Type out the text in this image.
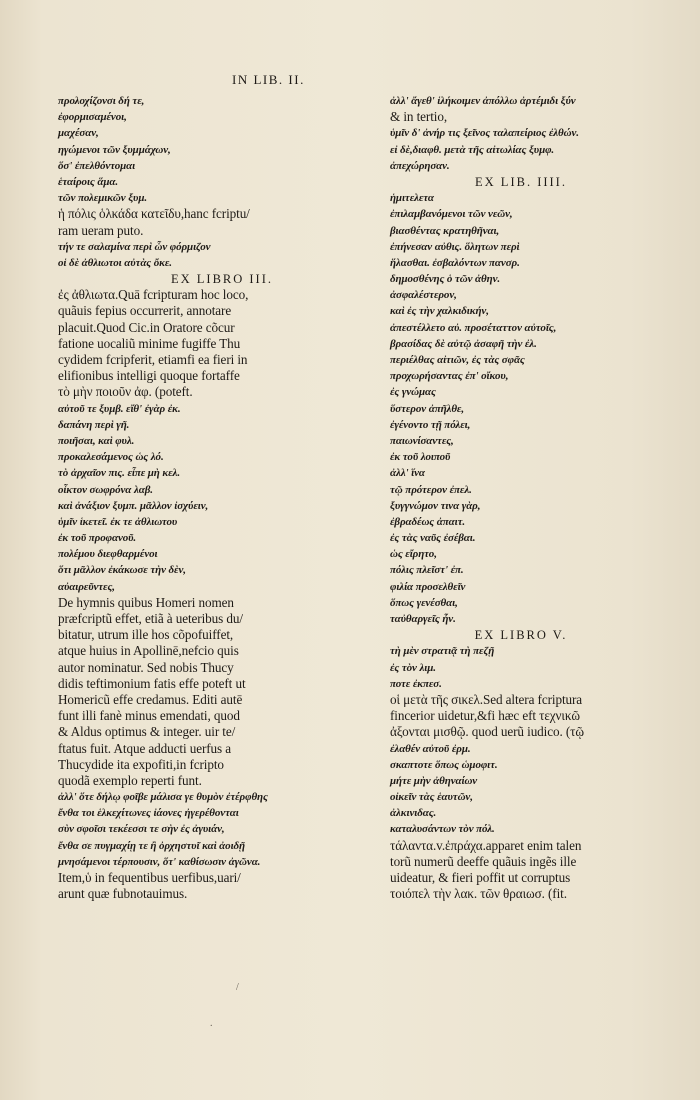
IN LIB. II.
προλοχίζονσι δή τε,
ἐφορμισαμένοι,
μαχέσαν,
ηγώμενοι τῶν ξυμμάχων,
ὅσ' ἐπελθόντομαι
ἑταίροις ἅμα.
τῶν πολεμικῶν ξυμ.
ἡ πόλις ὁλκάδα κατεῖδυ,hanc fcriptu/
ram ueram puto.
τήν τε σαλαμίνα περὶ ὧν φόρμιζον
οἱ δὲ ἀθλιωτοι αὐτὰς ὄκε.
EX LIBRO III.
ἐς ἀθλιωτα.Quā fcripturam hoc loco,
quãuis fepius occurrerit, annotare
placuit.Quod Cic.in Oratore cõcur
fatione uocaliũ minime fugiffe Thu
cydidem fcripferit, etiamfi ea fieri in
elifionibus intelligi quoque fortaffe
τὸ μὴν ποιοῦν ἀφ. (poteft.
αὐτοῦ τε ξυμβ. εἴθ' ἐγὰρ ἐκ.
δαπάνη περὶ γῆ.
ποιῆσαι, καὶ φυλ.
προκαλεσάμενος ὡς λό.
τὸ ἀρχαῖον πις. εἶπε μὴ κελ.
οἶκτον σωφρόνα λαβ.
καὶ ἀνάξιον ξυμπ. μᾶλλον ἰσχύειν,
ὑμῖν ἱκετεῖ. ἐκ τε ἀθλιωτου
ἐκ τοῦ προφανοῦ.
πολέμου διεφθαρμένοι
ὅτι μᾶλλον ἐκάκωσε τὴν δὲν,
αὐαιρεῦντες,
De hymnis quibus Homeri nomen
præfcriptũ effet, etiã à ueteribus du/
bitatur, utrum ille hos cõpofuiffet,
atque huius in Apollinē,nefcio quis
autor nominatur. Sed nobis Thucy
didis teftimonium fatis effe poteft ut
Homericũ effe credamus. Editi autē
funt illi fanè minus emendati, quod
& Aldus optimus & integer. uir te/
ftatus fuit. Atque adducti uerfus a
Thucydide ita expofiti,in fcripto
quodã exemplo reperti funt.
ἀλλ' ὅτε δήλῳ φοῖβε μάλισα γε θυμὸν ἐτέρφθης
ἔνθα τοι ἑλκεχίτωνες ἰάονες ἠγερέθονται
σὺν σφοῖσι τεκέεσσι τε σὴν ἐς ἀγυιάν,
ἔνθα σε πυγμαχίῃ τε ἢ ὀρχηστυῖ καὶ ἀοιδῇ
μνησάμενοι τέρπουσιν, ὅτ' καθίσωσιν ἀγῶνα.
Item,ὑ in fequentibus uerfibus,uari/
arunt quæ fubnotauimus.
ἀλλ' ἄγεθ' ἱλήκοιμεν ἀπόλλω ἀρτέμιδι ξύν
& in tertio,
ὑμῖν δ' ἀνήρ τις ξεῖνος ταλαπείριος ἐλθών.
εἰ δὲ,διαφθ. μετὰ τῆς αἰτωλίας ξυμφ.
ἀπεχώρησαν.
EX LIB. IIII.
ἡμιτελετα
ἐπιλαμβανόμενοι τῶν νεῶν,
βιασθέντας κρατηθῆναι,
ἐπήνεσαν αὐθις. ὅλητων περὶ
ἥλασθαι. ἐσβαλόντων πανσρ.
δημοσθένης ὁ τῶν ἀθην.
ἀσφαλέστερον,
καὶ ἐς τὴν χαλκιδικήν,
ἀπεστέλλετο αὐ. προσέταττον αὐτοῖς,
βρασίδας δὲ αὐτῷ ἀσαφῆ τὴν ἐλ.
περιέλθας αἰτιῶν, ἐς τὰς σφᾶς
προχωρήσαντας ἐπ' οἴκου,
ἐς γνώμας
ὕστερον ἀπῆλθε,
ἐγένοντο τῇ πόλει,
παιωνίσαντες,
ἐκ τοῦ λοιποῦ
ἀλλ' ἵνα
τῷ πρότερον ἐπελ.
ξυγγνώμον τινα γὰρ,
ἐβραδέως ἀπαιτ.
ἐς τὰς ναῦς ἐσέβαι.
ὡς εἴρητο,
πόλις πλεῖστ' ἐπ.
φιλία προσελθεῖν
ὅπως γενέσθαι,
ταὐθαργεῖς ἦν.
EX LIBRO V.
τὴ μὲν στρατιᾷ τὴ πεζῇ
ἐς τὸν λιμ.
ποτε ἐκπεσ.
οἱ μετὰ τῆς σικελ.Sed altera fcriptura
fincerior uidetur,&fi hæc eft τεχνικῶ
ἀξονται μισθῷ. quod uerũ iudico. (τῷ
ἐλαθέν αὐτοῦ ἐρμ.
σκαπτοτε ὅπως ὡμοφιτ.
μήτε μὴν ἀθηναίων
οἰκεῖν τὰς ἑαυτῶν,
ἀλκινιδας.
καταλυσάντων τὸν πόλ.
τάλαντα.v.ἐπράχα.apparet enim talen
torũ numerũ deeffe quãuis ingẽs ille
uideatur, & fieri poffit ut corruptus
τοιόπελ τὴν λακ. τῶν θραιωσ. (fit.
/
.
